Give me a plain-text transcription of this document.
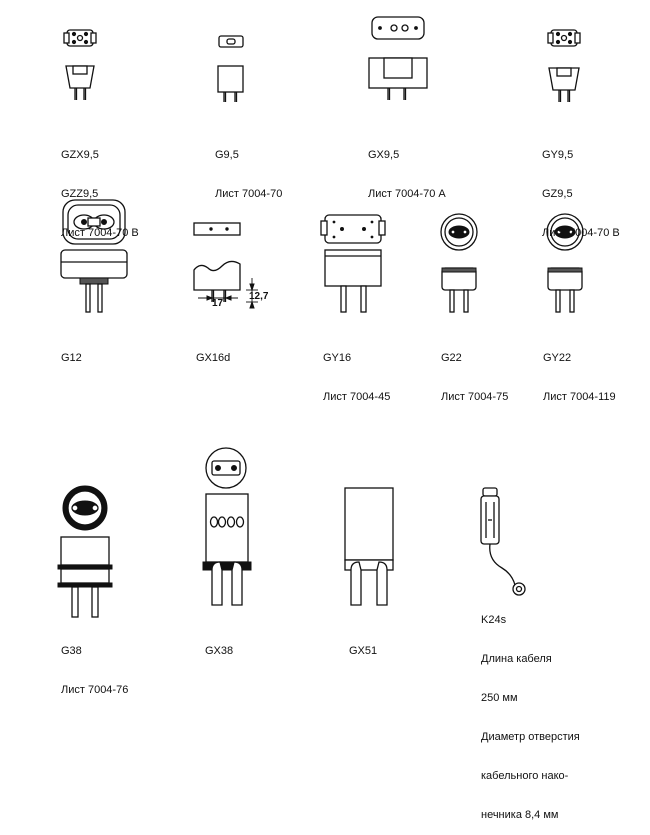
17
12,7

GZX9,5

GZZ9,5

Лист 7004-70 B

G9,5

Лист 7004-70

GX9,5

Лист 7004-70 A

GY9,5

GZ9,5

Лист 7004-70 B

G12

	GX16d

	GY16

Лист 7004-45

G22

Лист 7004-75

GY22

Лист 7004-119

G38

Лист 7004-76

GX38

	GX51

K24s

Длина кабеля

250 мм

Диаметр отверстия

кабельного нако-

нечника 8,4 мм
